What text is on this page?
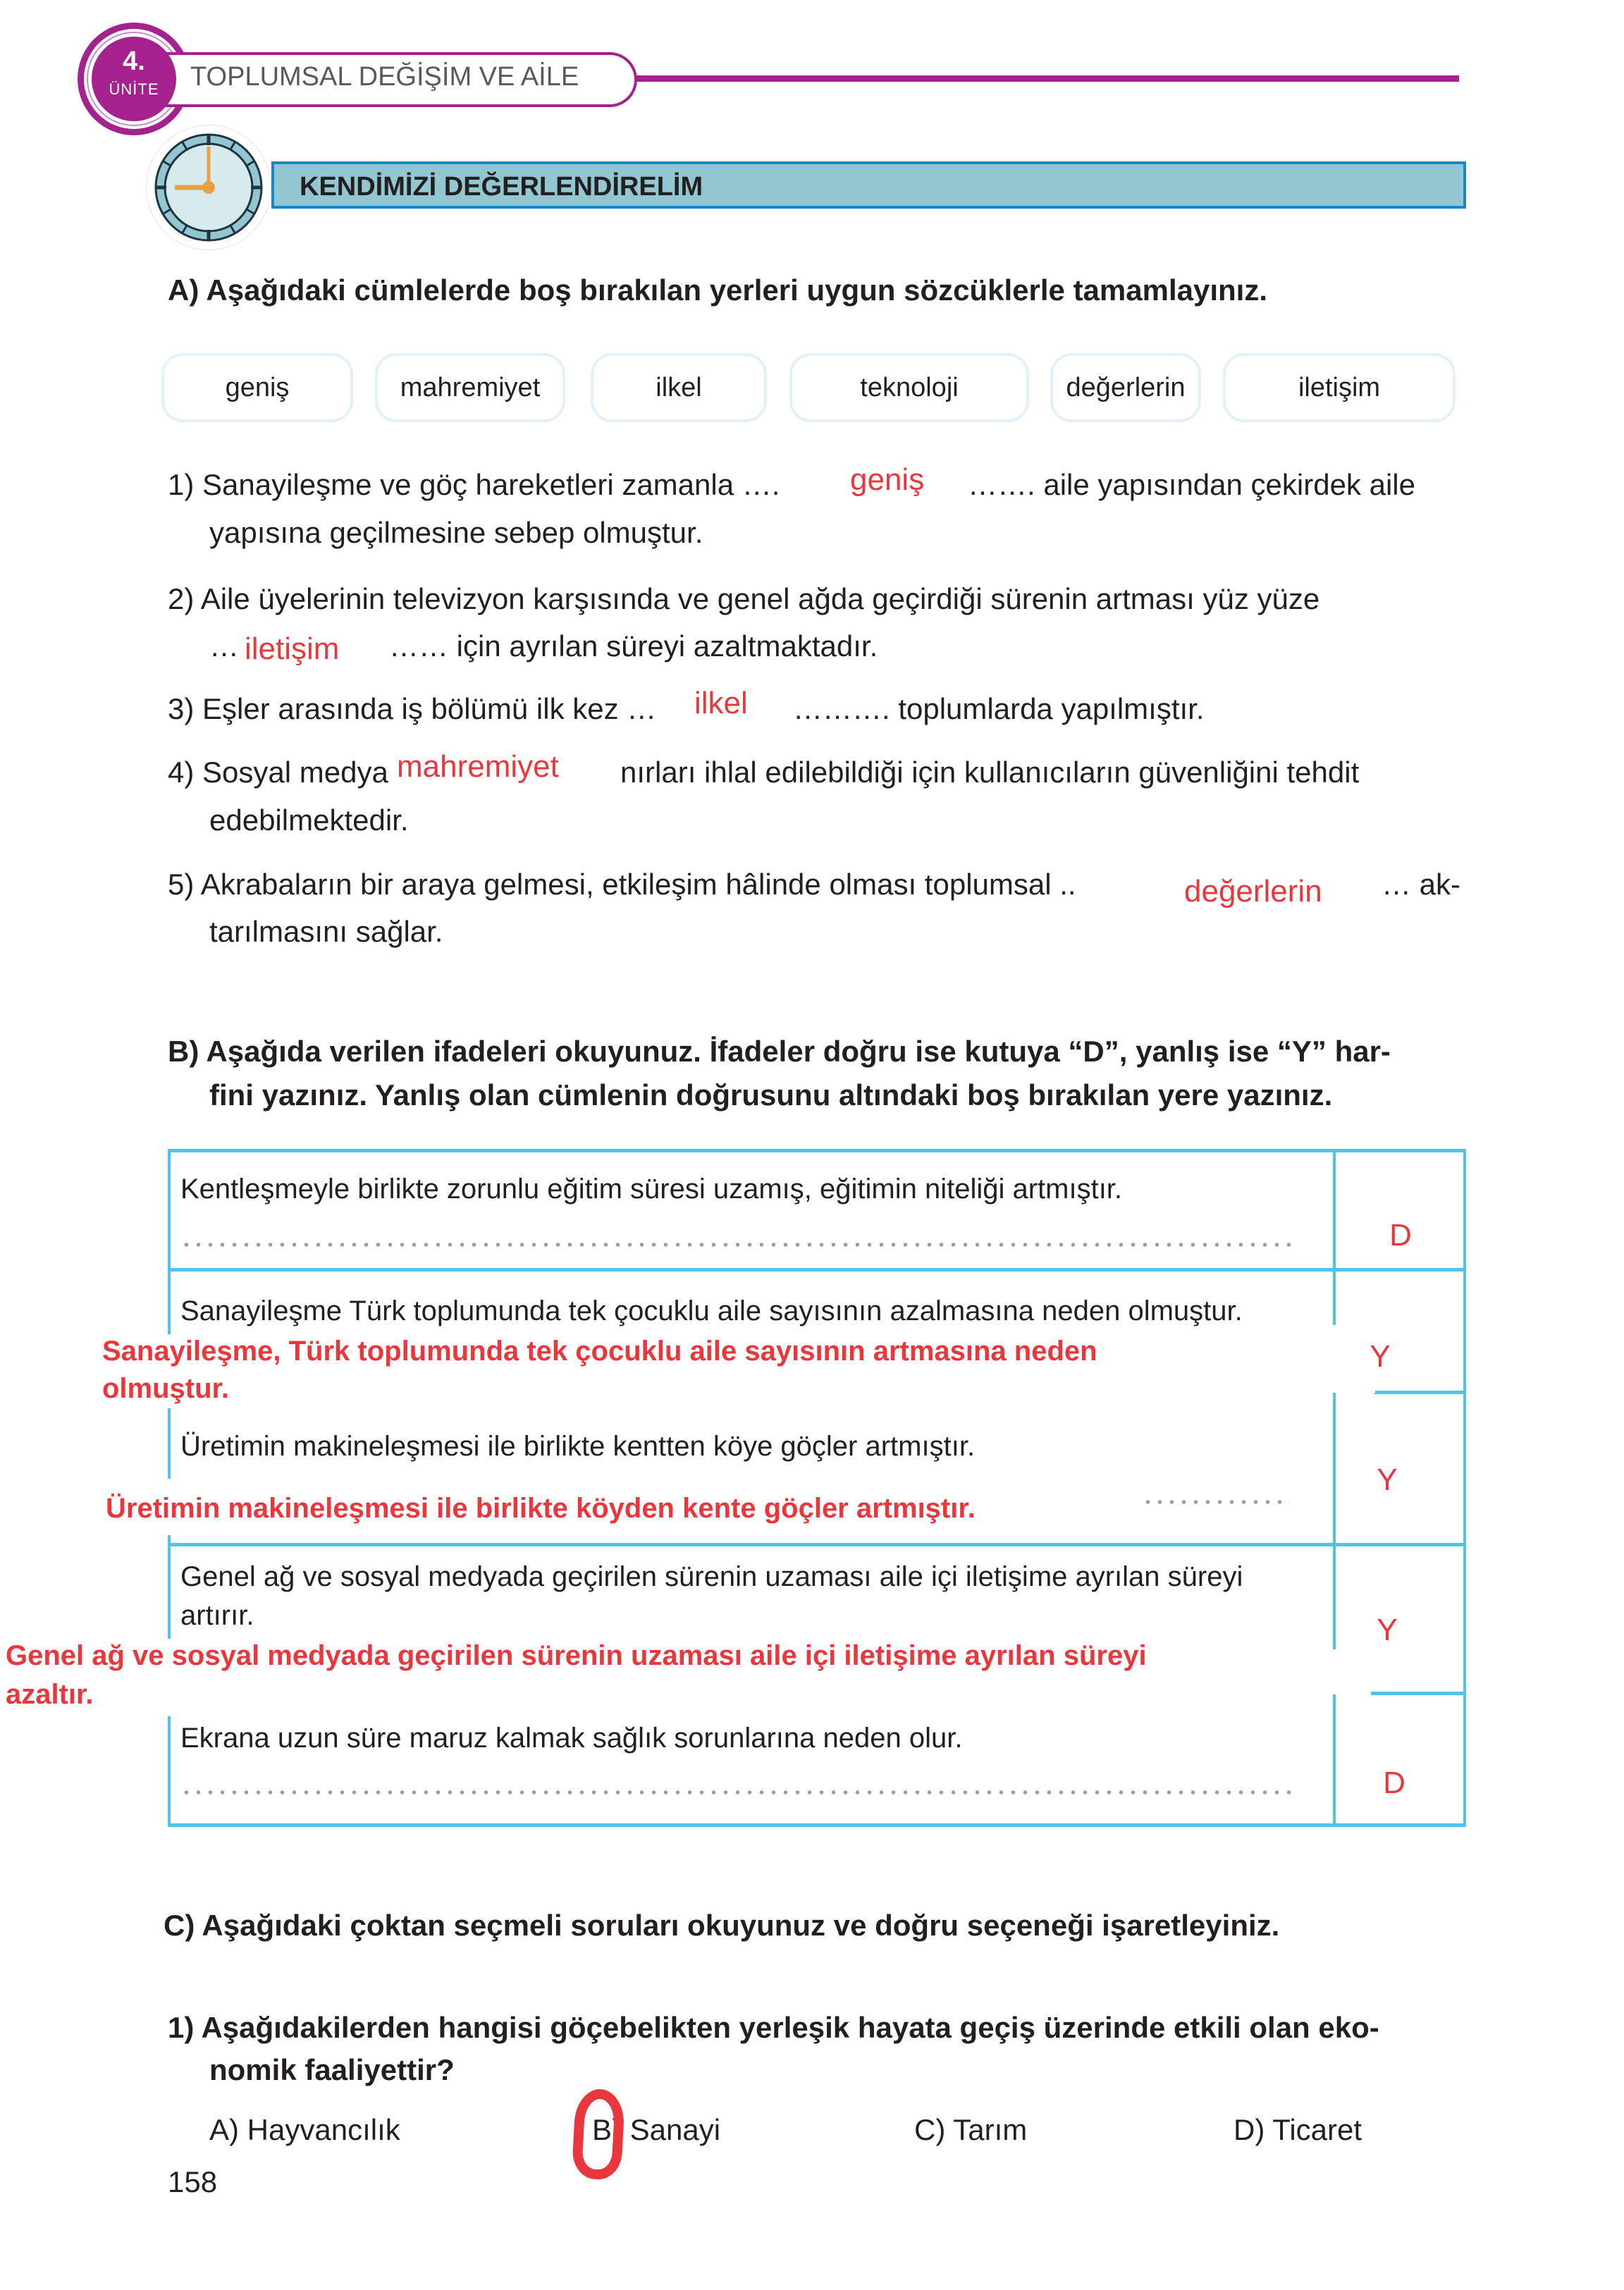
4.
ÜNİTE	TOPLUMSAL DEĞİŞİM VE AİLE
KENDİMİZİ DEĞERLENDİRELİM
A) Aşağıdaki cümlelerde boş bırakılan yerleri uygun sözcüklerle tamamlayınız.
geniş	mahremiyet	ilkel	teknoloji	değerlerin	iletişim
1) Sanayileşme ve göç hareketleri zamanla …. geniş ……. aile yapısından çekirdek aile
yapısına geçilmesine sebep olmuştur.
2) Aile üyelerinin televizyon karşısında ve genel ağda geçirdiği sürenin artması yüz yüze
… iletişim …… için ayrılan süreyi azaltmaktadır.
3) Eşler arasında iş bölümü ilk kez … ilkel ………. toplumlarda yapılmıştır.
4) Sosyal medya mahremiyet nırları ihlal edilebildiği için kullanıcıların güvenliğini tehdit
edebilmektedir.
5) Akrabaların bir araya gelmesi, etkileşim hâlinde olması toplumsal ..	değerlerin … ak-
tarılmasını sağlar.
B) Aşağıda verilen ifadeleri okuyunuz. İfadeler doğru ise kutuya “D”, yanlış ise “Y” har-
fini yazınız. Yanlış olan cümlenin doğrusunu altındaki boş bırakılan yere yazınız.
Kentleşmeyle birlikte zorunlu eğitim süresi uzamış, eğitimin niteliği artmıştır.
D
Sanayileşme Türk toplumunda tek çocuklu aile sayısının azalmasına neden olmuştur.
Sanayileşme, Türk toplumunda tek çocuklu aile sayısının artmasına neden
olmuştur.
Y
Üretimin makineleşmesi ile birlikte kentten köye göçler artmıştır.
Üretimin makineleşmesi ile birlikte köyden kente göçler artmıştır.
Y
Genel ağ ve sosyal medyada geçirilen sürenin uzaması aile içi iletişime ayrılan süreyi
artırır.
Genel ağ ve sosyal medyada geçirilen sürenin uzaması aile içi iletişime ayrılan süreyi
azaltır.
Y
Ekrana uzun süre maruz kalmak sağlık sorunlarına neden olur.
D
C) Aşağıdaki çoktan seçmeli soruları okuyunuz ve doğru seçeneği işaretleyiniz.
1) Aşağıdakilerden hangisi göçebelikten yerleşik hayata geçiş üzerinde etkili olan eko-
nomik faaliyettir?
A) Hayvancılık	B) Sanayi	C) Tarım	D) Ticaret
158
